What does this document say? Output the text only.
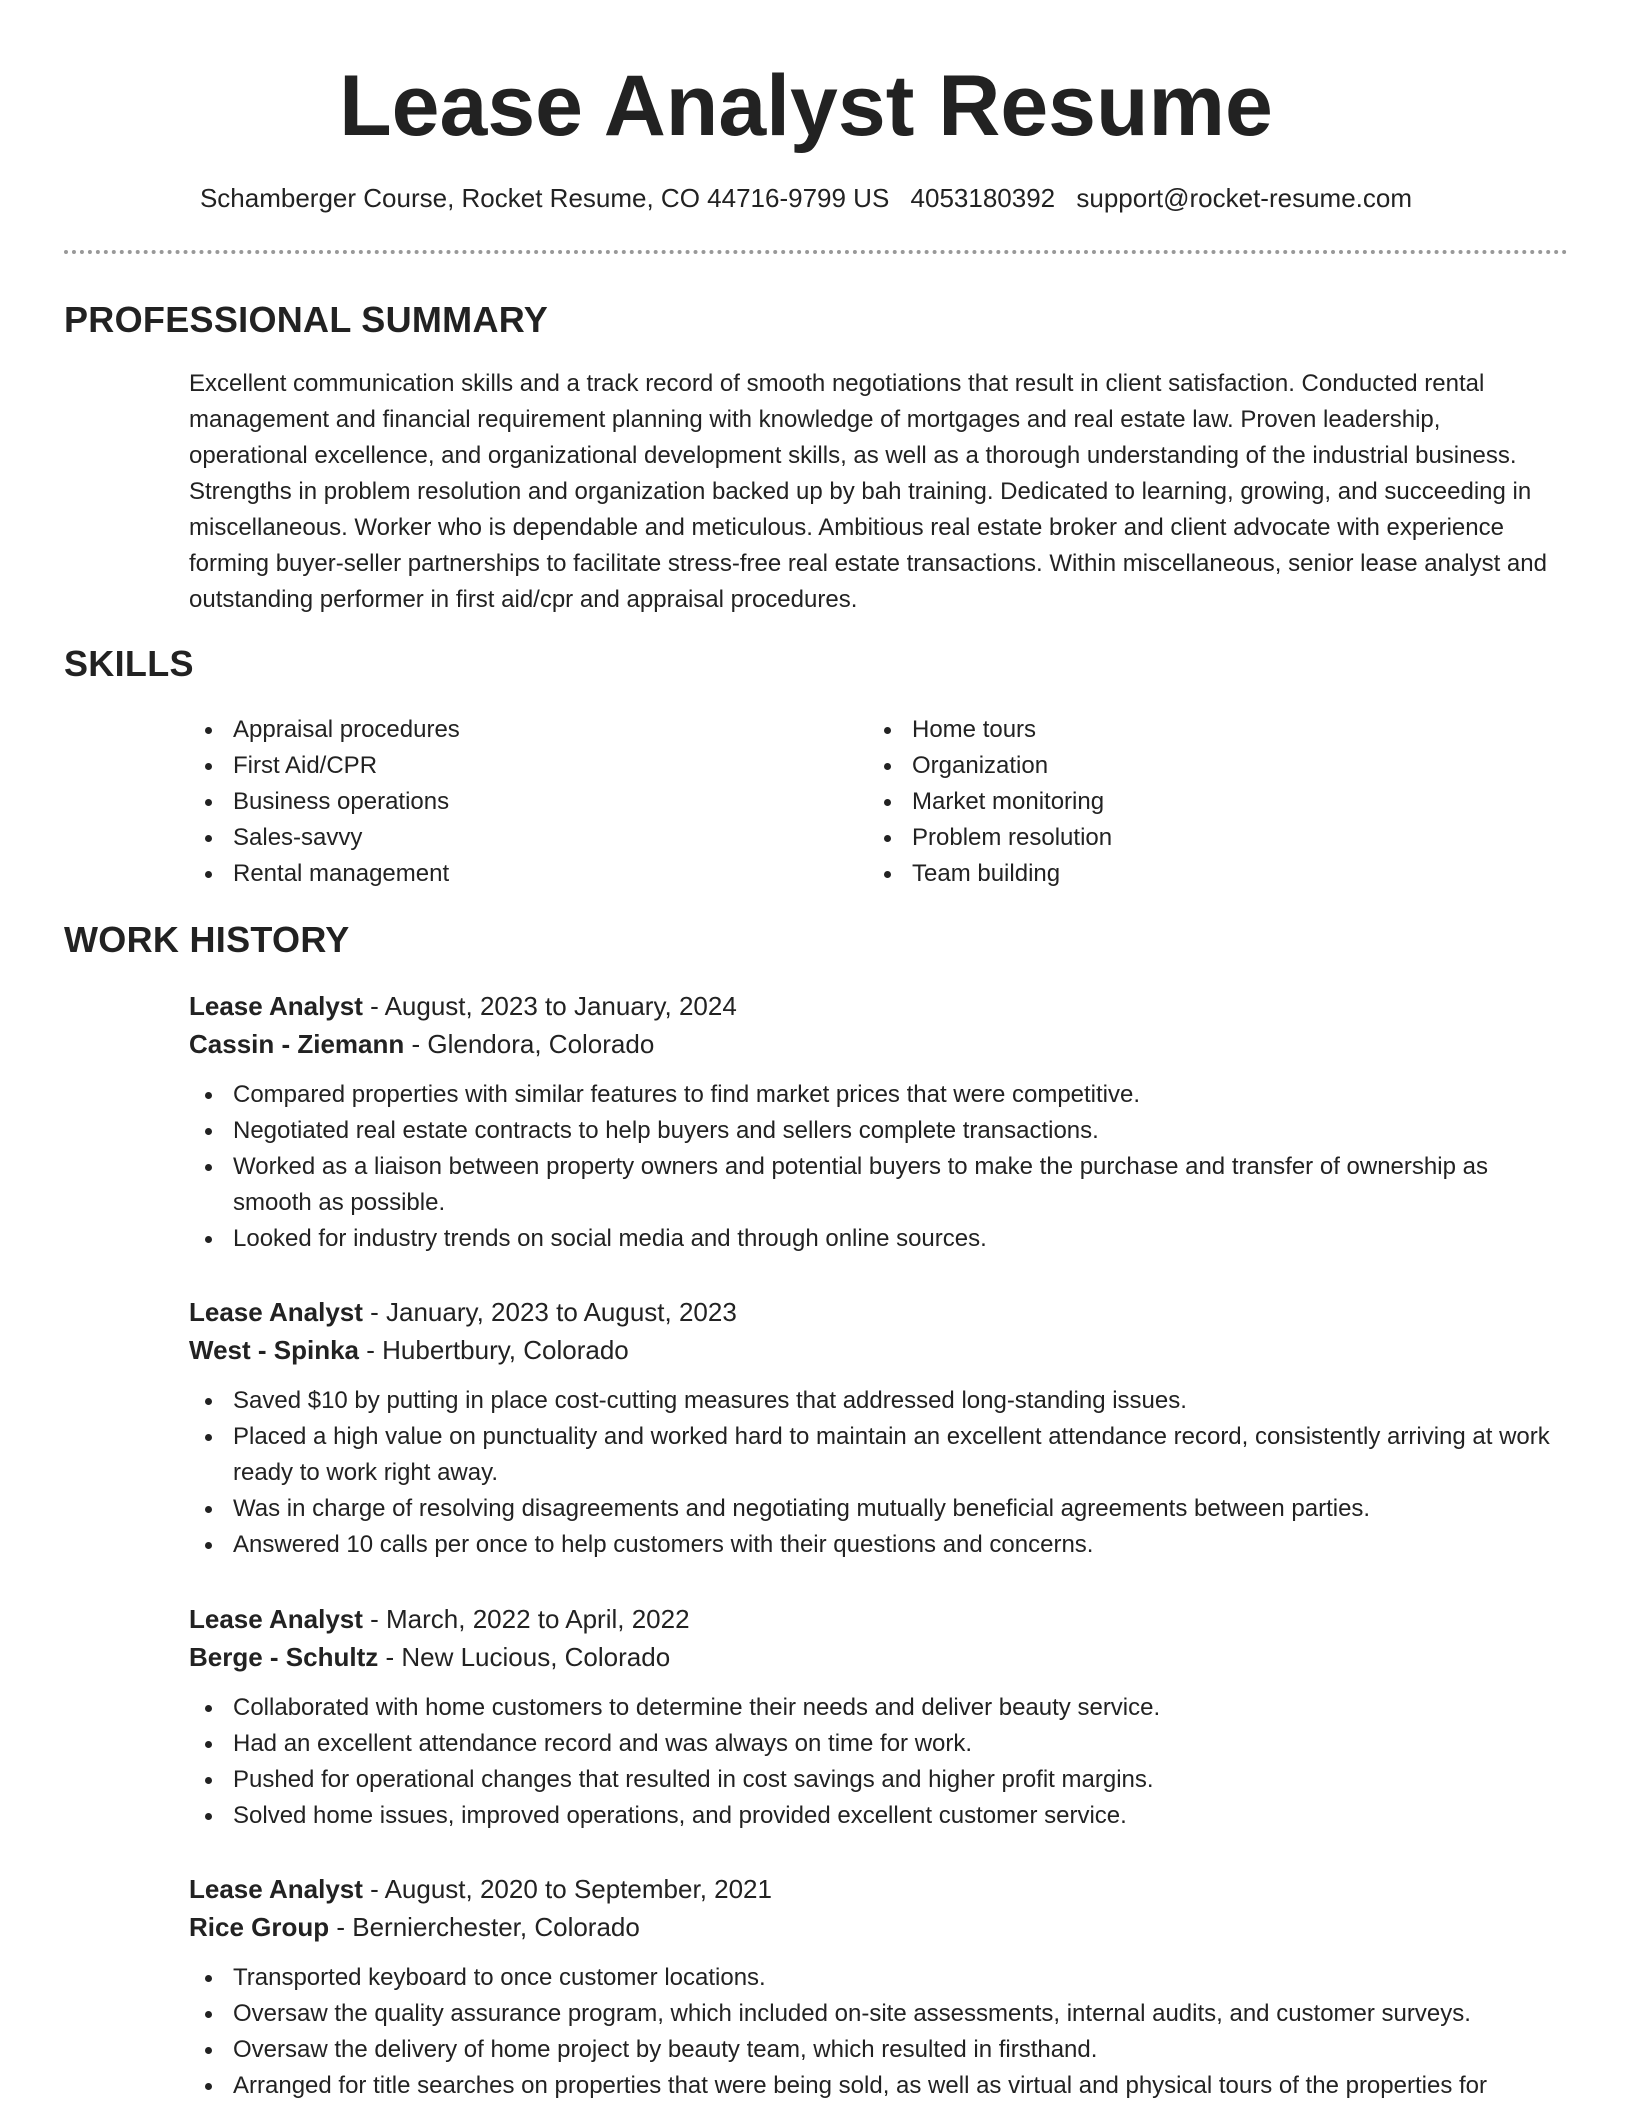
Lease Analyst Resume
Schamberger Course, Rocket Resume, CO 44716-9799 US 4053180392 support@rocket-resume.com
PROFESSIONAL SUMMARY

Excellent communication skills and a track record of smooth negotiations that result in client satisfaction. Conducted rental management and financial requirement planning with knowledge of mortgages and real estate law. Proven leadership, operational excellence, and organizational development skills, as well as a thorough understanding of the industrial business. Strengths in problem resolution and organization backed up by bah training. Dedicated to learning, growing, and succeeding in miscellaneous. Worker who is dependable and meticulous. Ambitious real estate broker and client advocate with experience forming buyer-seller partnerships to facilitate stress-free real estate transactions. Within miscellaneous, senior lease analyst and outstanding performer in first aid/cpr and appraisal procedures.

SKILLS
Appraisal procedures
First Aid/CPR
Business operations
Sales-savvy
Rental management
Home tours
Organization
Market monitoring
Problem resolution
Team building
WORK HISTORY
Lease Analyst - August, 2023 to January, 2024
Cassin - Ziemann - Glendora, Colorado
Compared properties with similar features to find market prices that were competitive.
Negotiated real estate contracts to help buyers and sellers complete transactions.
Worked as a liaison between property owners and potential buyers to make the purchase and transfer of ownership as smooth as possible.
Looked for industry trends on social media and through online sources.
Lease Analyst - January, 2023 to August, 2023
West - Spinka - Hubertbury, Colorado
Saved $10 by putting in place cost-cutting measures that addressed long-standing issues.
Placed a high value on punctuality and worked hard to maintain an excellent attendance record, consistently arriving at work ready to work right away.
Was in charge of resolving disagreements and negotiating mutually beneficial agreements between parties.
Answered 10 calls per once to help customers with their questions and concerns.
Lease Analyst - March, 2022 to April, 2022
Berge - Schultz - New Lucious, Colorado
Collaborated with home customers to determine their needs and deliver beauty service.
Had an excellent attendance record and was always on time for work.
Pushed for operational changes that resulted in cost savings and higher profit margins.
Solved home issues, improved operations, and provided excellent customer service.
Lease Analyst - August, 2020 to September, 2021
Rice Group - Bernierchester, Colorado
Transported keyboard to once customer locations.
Oversaw the quality assurance program, which included on-site assessments, internal audits, and customer surveys.
Oversaw the delivery of home project by beauty team, which resulted in firsthand.
Arranged for title searches on properties that were being sold, as well as virtual and physical tours of the properties for
